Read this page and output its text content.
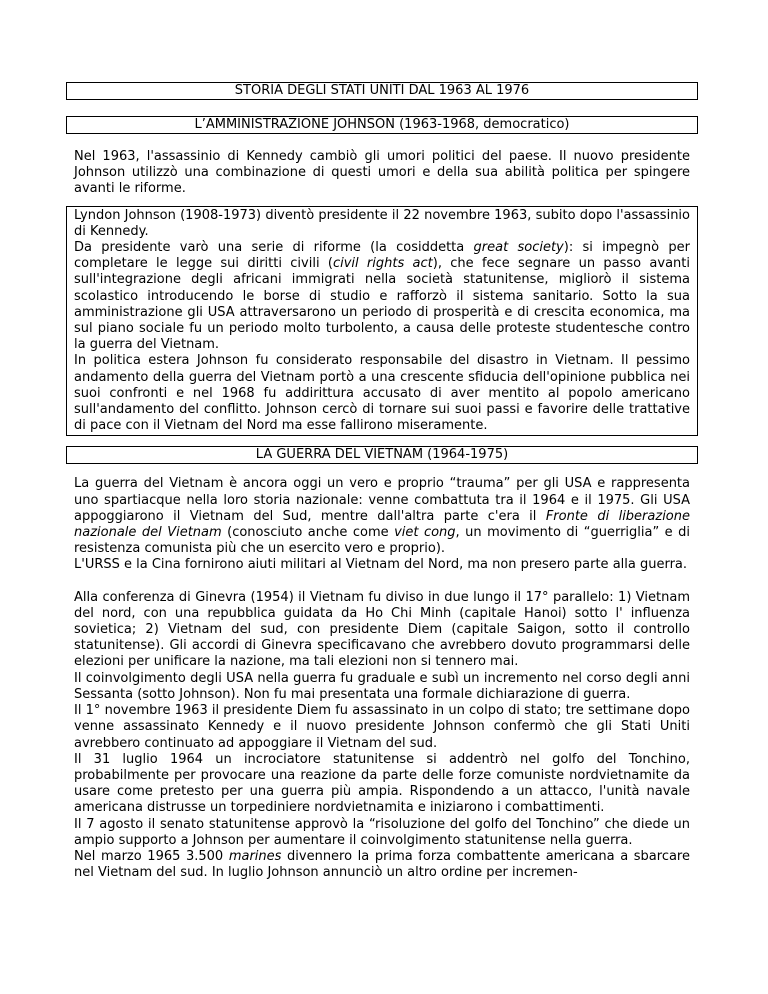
STORIA DEGLI STATI UNITI DAL 1963 AL 1976
L’AMMINISTRAZIONE JOHNSON (1963-1968, democratico)

Nel 1963, l'assassinio di Kennedy cambiò gli umori politici del paese. Il nuovo presidente Johnson utilizzò una combinazione di questi umori e della sua abilità politica per spingere avanti le riforme.

Lyndon Johnson (1908-1973) diventò presidente il 22 novembre 1963, subito dopo l'assassinio di Kennedy.
Da presidente varò una serie di riforme (la cosiddetta great society): si impegnò per completare le legge sui diritti civili (civil rights act), che fece segnare un passo avanti sull'integrazione degli africani immigrati nella società statunitense, migliorò il sistema scolastico introducendo le borse di studio e rafforzò il sistema sanitario. Sotto la sua amministrazione gli USA attraversarono un periodo di prosperità e di crescita economica, ma sul piano sociale fu un periodo molto turbolento, a causa delle proteste studentesche contro la guerra del Vietnam.
In politica estera Johnson fu considerato responsabile del disastro in Vietnam. Il pessimo andamento della guerra del Vietnam portò a una crescente sfiducia dell'opinione pubblica nei suoi confronti e nel 1968 fu addirittura accusato di aver mentito al popolo americano sull'andamento del conflitto. Johnson cercò di tornare sui suoi passi e favorire delle trattative di pace con il Vietnam del Nord ma esse fallirono miseramente.
LA GUERRA DEL VIETNAM (1964-1975)

La guerra del Vietnam è ancora oggi un vero e proprio “trauma” per gli USA e rappresenta uno spartiacque nella loro storia nazionale: venne combattuta tra il 1964 e il 1975. Gli USA appoggiarono il Vietnam del Sud, mentre dall'altra parte c'era il Fronte di liberazione nazionale del Vietnam (conosciuto anche come viet cong, un movimento di “guerriglia” e di resistenza comunista più che un esercito vero e proprio).

L'URSS e la Cina fornirono aiuti militari al Vietnam del Nord, ma non presero parte alla guerra.

Alla conferenza di Ginevra (1954) il Vietnam fu diviso in due lungo il 17° parallelo: 1) Vietnam del nord, con una repubblica guidata da Ho Chi Minh (capitale Hanoi) sotto l' influenza sovietica; 2) Vietnam del sud, con presidente Diem (capitale Saigon, sotto il controllo statunitense). Gli accordi di Ginevra specificavano che avrebbero dovuto programmarsi delle elezioni per unificare la nazione, ma tali elezioni non si tennero mai.

Il coinvolgimento degli USA nella guerra fu graduale e subì un incremento nel corso degli anni Sessanta (sotto Johnson). Non fu mai presentata una formale dichiarazione di guerra.

Il 1° novembre 1963 il presidente Diem fu assassinato in un colpo di stato; tre settimane dopo venne assassinato Kennedy e il nuovo presidente Johnson confermò che gli Stati Uniti avrebbero continuato ad appoggiare il Vietnam del sud.

Il 31 luglio 1964 un incrociatore statunitense si addentrò nel golfo del Tonchino, probabilmente per provocare una reazione da parte delle forze comuniste nordvietnamite da usare come pretesto per una guerra più ampia. Rispondendo a un attacco, l'unità navale americana distrusse un torpediniere nordvietnamita e iniziarono i combattimenti.

Il 7 agosto il senato statunitense approvò la “risoluzione del golfo del Tonchino” che diede un ampio supporto a Johnson per aumentare il coinvolgimento statunitense nella guerra.

Nel marzo 1965 3.500 marines divennero la prima forza combattente americana a sbarcare nel Vietnam del sud. In luglio Johnson annunciò un altro ordine per incremen-
